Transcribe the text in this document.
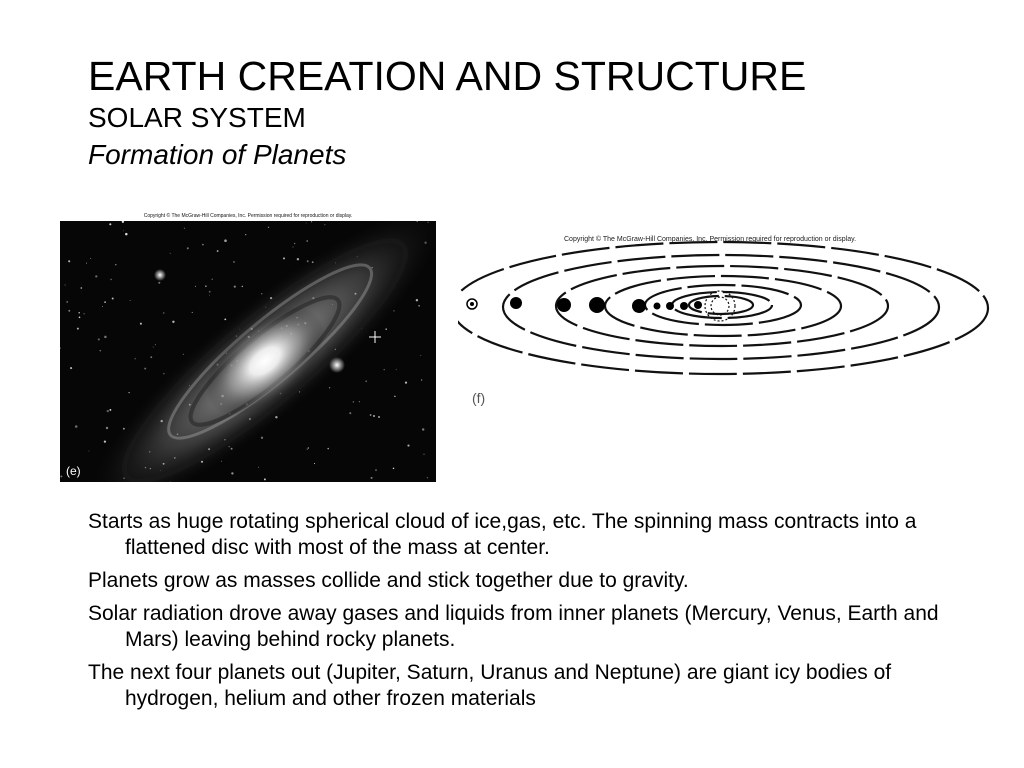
EARTH CREATION AND STRUCTURE
SOLAR SYSTEM
Formation of Planets
Copyright © The McGraw-Hill Companies, Inc. Permission required for reproduction or display.
(e)
Copyright © The McGraw-Hill Companies, Inc. Permission required for reproduction or display.
(f)
Starts as huge rotating spherical cloud of ice,gas, etc. The spinning mass contracts into a flattened disc with most of the mass at center.
Planets grow as masses collide and stick together due to gravity.
Solar radiation drove away gases and liquids from inner planets (Mercury, Venus, Earth and Mars) leaving behind rocky planets.
The next four planets out (Jupiter, Saturn, Uranus and Neptune) are giant icy bodies of hydrogen, helium and other frozen materials
